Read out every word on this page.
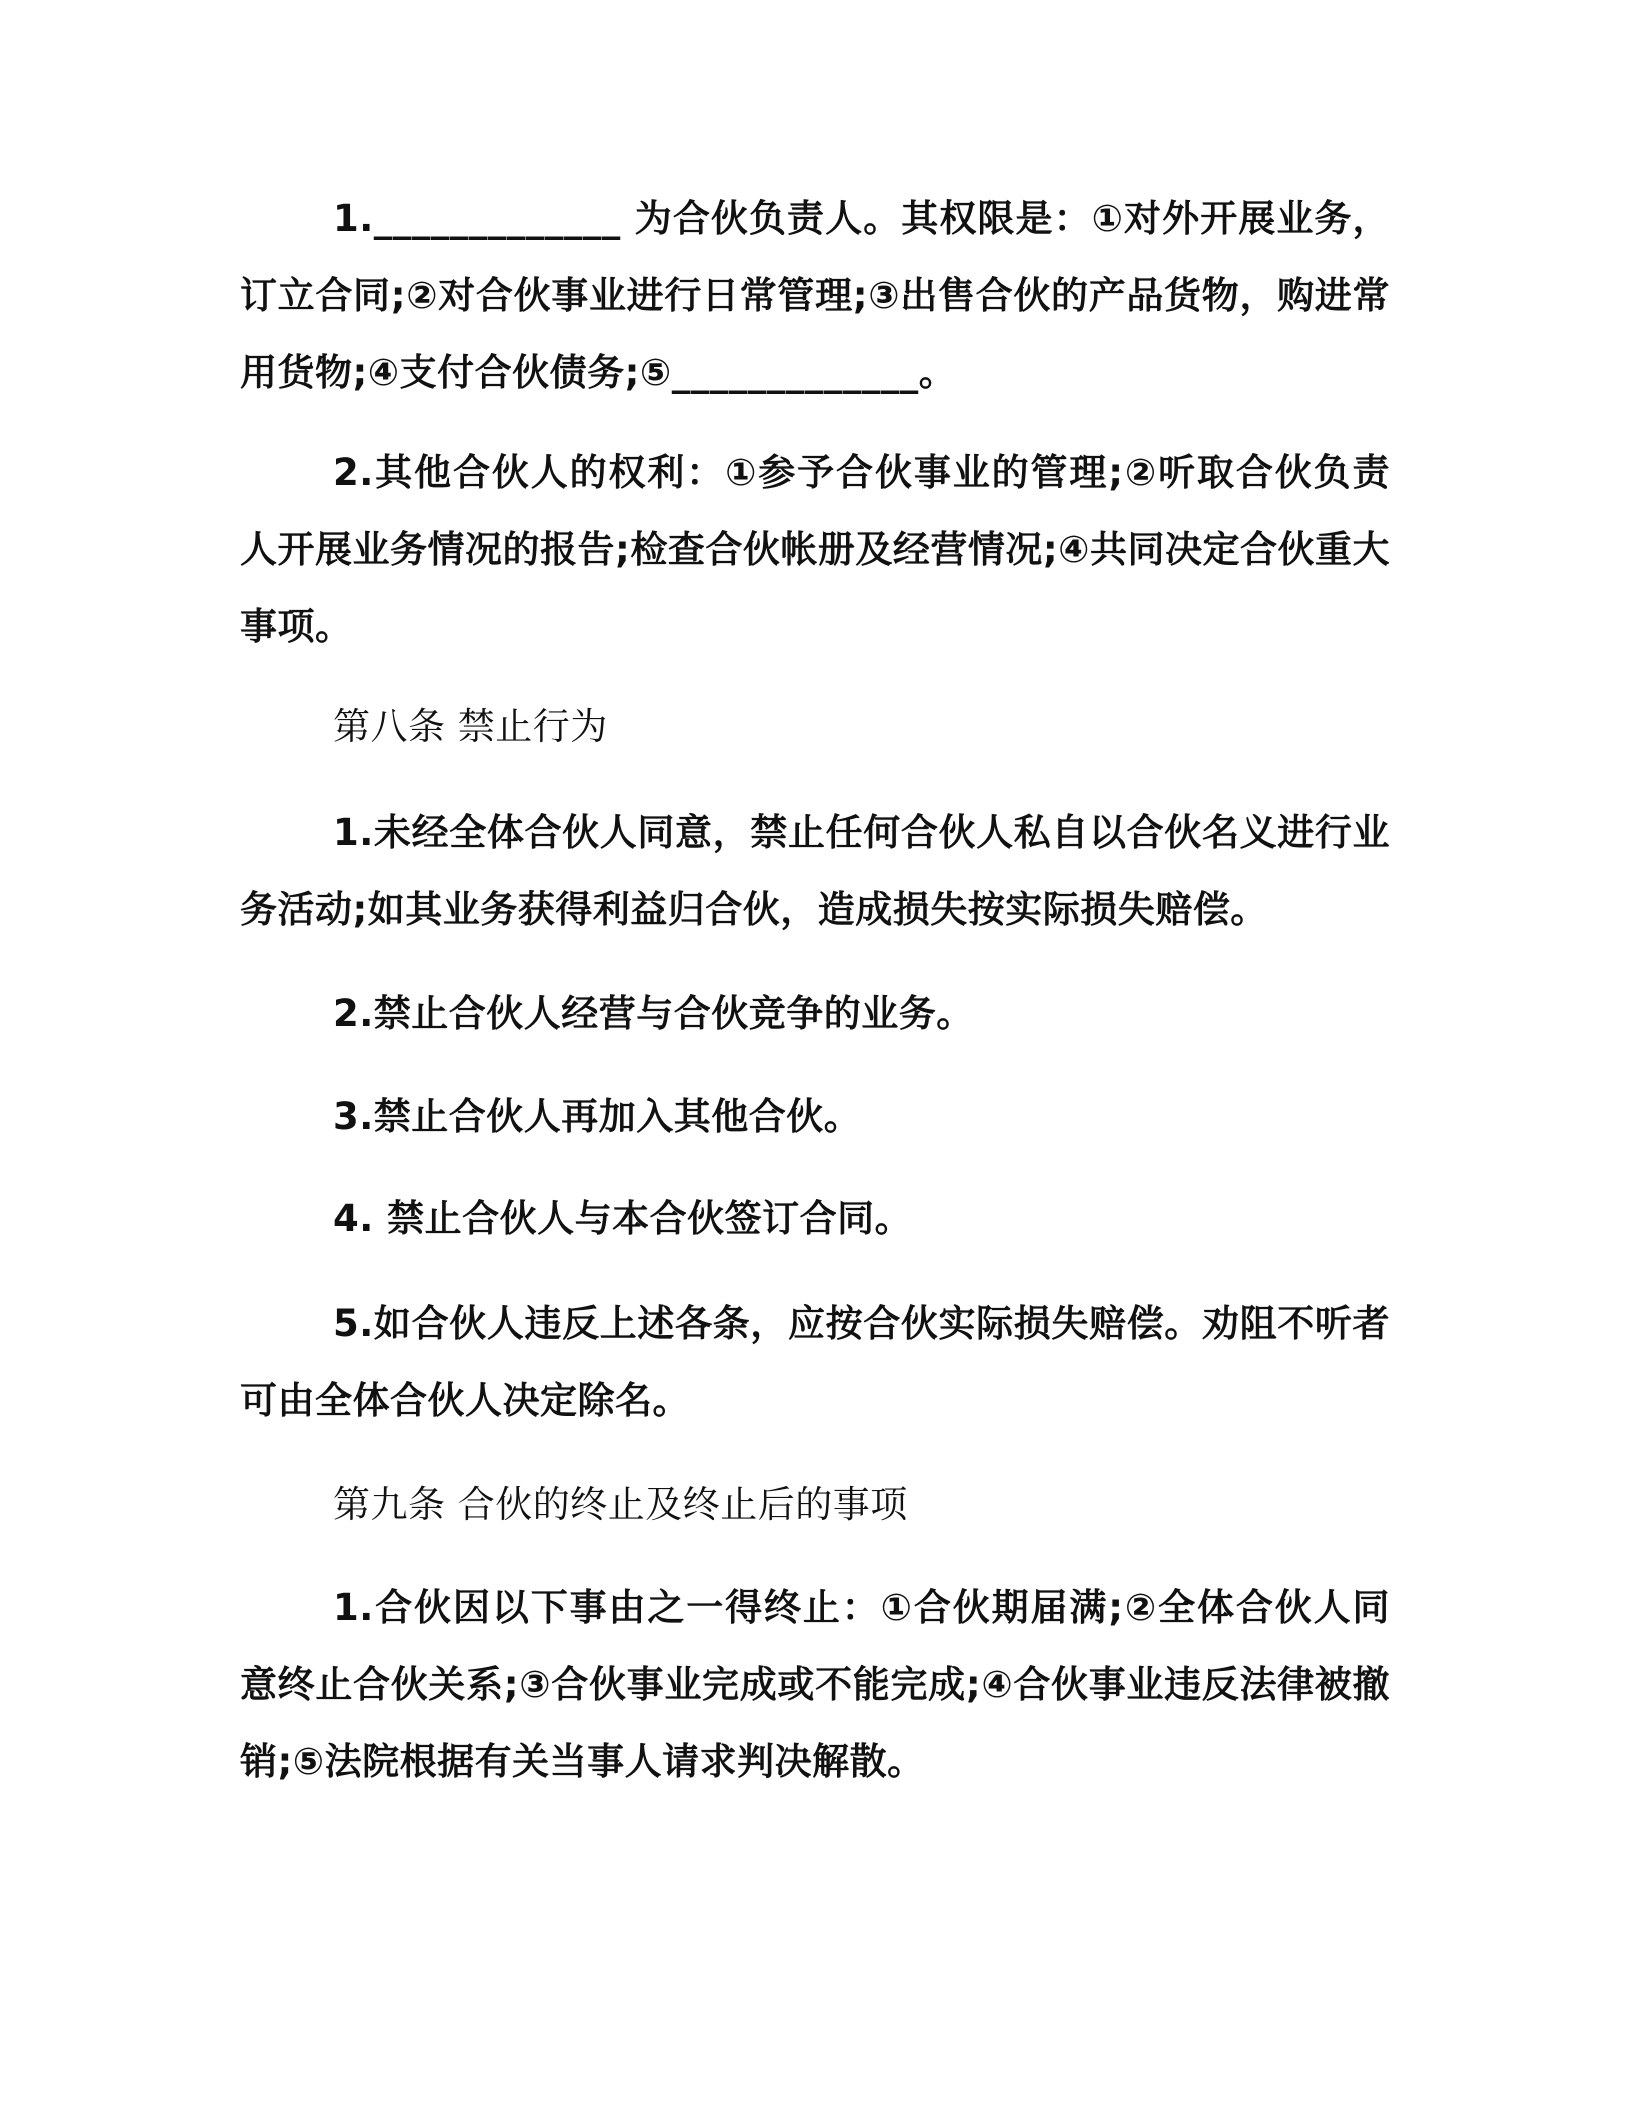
1._____________ 为合伙负责人。其权限是：①对外开展业务，订立合同;②对合伙事业进行日常管理;③出售合伙的产品货物，购进常用货物;④支付合伙债务;⑤_____________。

2.其他合伙人的权利：①参予合伙事业的管理;②听取合伙负责人开展业务情况的报告;检查合伙帐册及经营情况;④共同决定合伙重大事项。

第八条 禁止行为

1.未经全体合伙人同意，禁止任何合伙人私自以合伙名义进行业务活动;如其业务获得利益归合伙，造成损失按实际损失赔偿。

2.禁止合伙人经营与合伙竞争的业务。

3.禁止合伙人再加入其他合伙。

4. 禁止合伙人与本合伙签订合同。

5.如合伙人违反上述各条，应按合伙实际损失赔偿。劝阻不听者可由全体合伙人决定除名。

第九条 合伙的终止及终止后的事项

1.合伙因以下事由之一得终止：①合伙期届满;②全体合伙人同意终止合伙关系;③合伙事业完成或不能完成;④合伙事业违反法律被撤销;⑤法院根据有关当事人请求判决解散。
